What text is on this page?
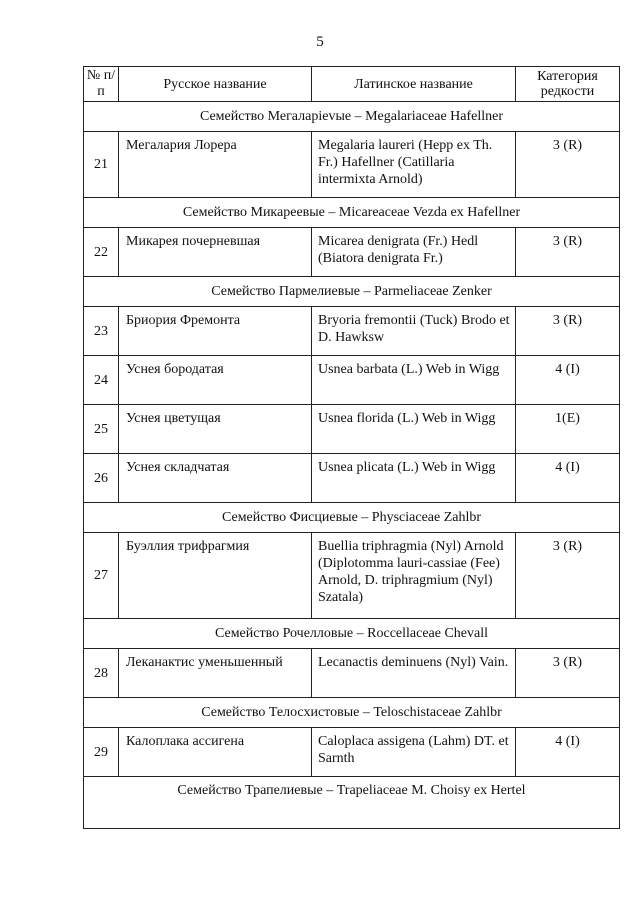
5
№ п/п	Русское название	Латинское название	Категория редкости
Семейство Мегаларievые – Megalariaceae Hafellner			
21	Мегалария Лорера	Megalaria laureri (Hepp ex Th. Fr.) Hafellner (Catillaria intermixta Arnold)	3 (R)
Семейство Микареевые – Micareaceae Vezda ex Hafellner			
22	Микарея почерневшая	Micarea denigrata (Fr.) Hedl (Biatora denigrata Fr.)	3 (R)
Семейство Пармелиевые – Parmeliaceae Zenker			
23	Бриория Фремонта	Bryoria fremontii (Tuck) Brodo et D. Hawksw	3 (R)
24	Уснея бородатая	Usnea barbata (L.) Web in Wigg	4 (I)
25	Уснея цветущая	Usnea florida (L.) Web in Wigg	1(E)
26	Уснея складчатая	Usnea plicata (L.) Web in Wigg	4 (I)
Семейство Фисциевые – Physciaceae Zahlbr			
27	Буэллия трифрагмия	Buellia triphragmia (Nyl) Arnold (Diplotomma lauri-cassiae (Fee) Arnold, D. triphragmium (Nyl) Szatala)	3 (R)
Семейство Рочелловые – Roccellaceae Chevall			
28	Леканактис уменьшенный	Lecanactis deminuens (Nyl) Vain.	3 (R)
Семейство Телосхистовые – Teloschistaceae Zahlbr			
29	Калоплака ассигена	Caloplaca assigena (Lahm) DT. et Sarnth	4 (I)
Семейство Трапелиевые – Trapeliaceae M. Choisy ex Hertel			
